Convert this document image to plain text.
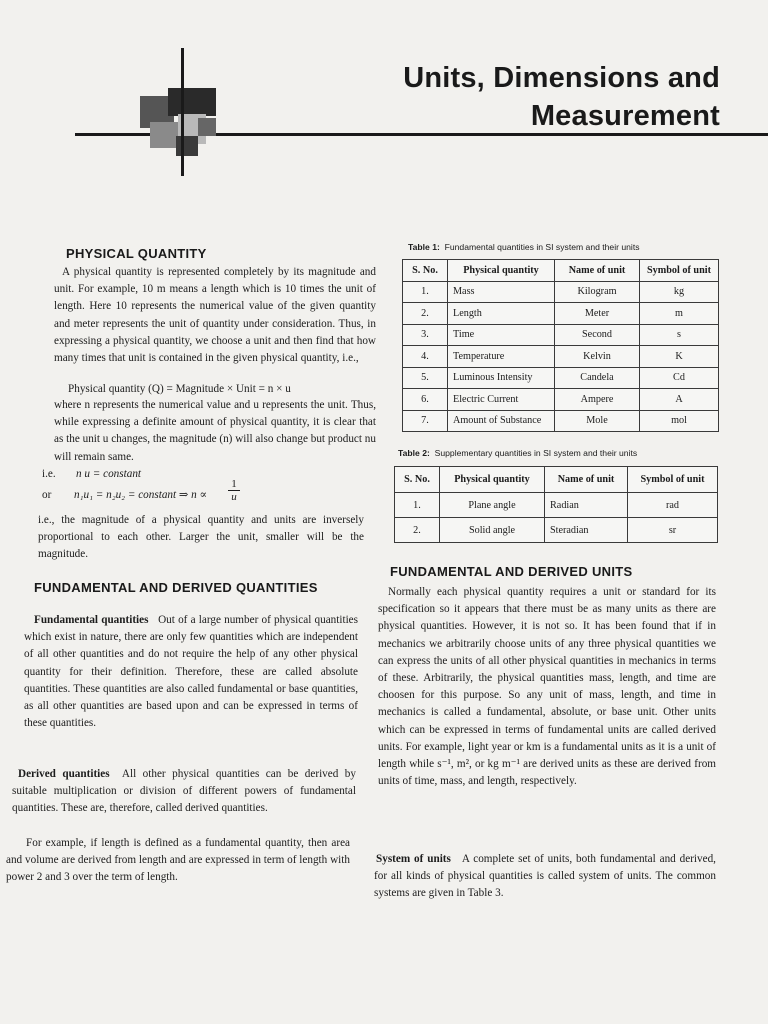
Units, Dimensions and
Measurement
PHYSICAL QUANTITY

A physical quantity is represented completely by its magnitude and unit. For example, 10 m means a length which is 10 times the unit of length. Here 10 represents the numerical value of the given quantity and meter represents the unit of quantity under consideration. Thus, in expressing a physical quantity, we choose a unit and then find that how many times that unit is contained in the given physical quantity, i.e.,

Physical quantity (Q) = Magnitude × Unit = n × u

where n represents the numerical value and u represents the unit. Thus, while expressing a definite amount of physical quantity, it is clear that as the unit u changes, the magnitude (n) will also change but product nu will remain same.

i.e. n u = constant

or n₁u₁ = n₂u₂ = constant ⇒ n ∝

1
u

i.e., the magnitude of a physical quantity and units are inversely proportional to each other. Larger the unit, smaller will be the magnitude.

FUNDAMENTAL AND DERIVED QUANTITIES

Fundamental quantities Out of a large number of physical quantities which exist in nature, there are only few quantities which are independent of all other quantities and do not require the help of any other physical quantity for their definition. Therefore, these are called absolute quantities. These quantities are also called fundamental or base quantities, as all other quantities are based upon and can be expressed in terms of these quantities.

Derived quantities All other physical quantities can be derived by suitable multiplication or division of different powers of fundamental quantities. These are, therefore, called derived quantities.

For example, if length is defined as a fundamental quantity, then area and volume are derived from length and are expressed in term of length with power 2 and 3 over the term of length.

Table 1: Fundamental quantities in SI system and their units
S. No.	Physical quantity	Name of unit	Symbol of unit
1.	Mass	Kilogram	kg
2.	Length	Meter	m
3.	Time	Second	s
4.	Temperature	Kelvin	K
5.	Luminous Intensity	Candela	Cd
6.	Electric Current	Ampere	A
7.	Amount of Substance	Mole	mol
Table 2: Supplementary quantities in SI system and their units
S. No.	Physical quantity	Name of unit	Symbol of unit
1.	Plane angle	Radian	rad
2.	Solid angle	Steradian	sr
FUNDAMENTAL AND DERIVED UNITS

Normally each physical quantity requires a unit or standard for its specification so it appears that there must be as many units as there are physical quantities. However, it is not so. It has been found that if in mechanics we arbitrarily choose units of any three physical quantities we can express the units of all other physical quantities in mechanics in terms of these. Arbitrarily, the physical quantities mass, length, and time are choosen for this purpose. So any unit of mass, length, and time in mechanics is called a fundamental, absolute, or base unit. Other units which can be expressed in terms of fundamental units are called derived units. For example, light year or km is a fundamental units as it is a unit of length while s⁻¹, m², or kg m⁻¹ are derived units as these are derived from units of time, mass, and length, respectively.

System of units A complete set of units, both fundamental and derived, for all kinds of physical quantities is called system of units. The common systems are given in Table 3.
